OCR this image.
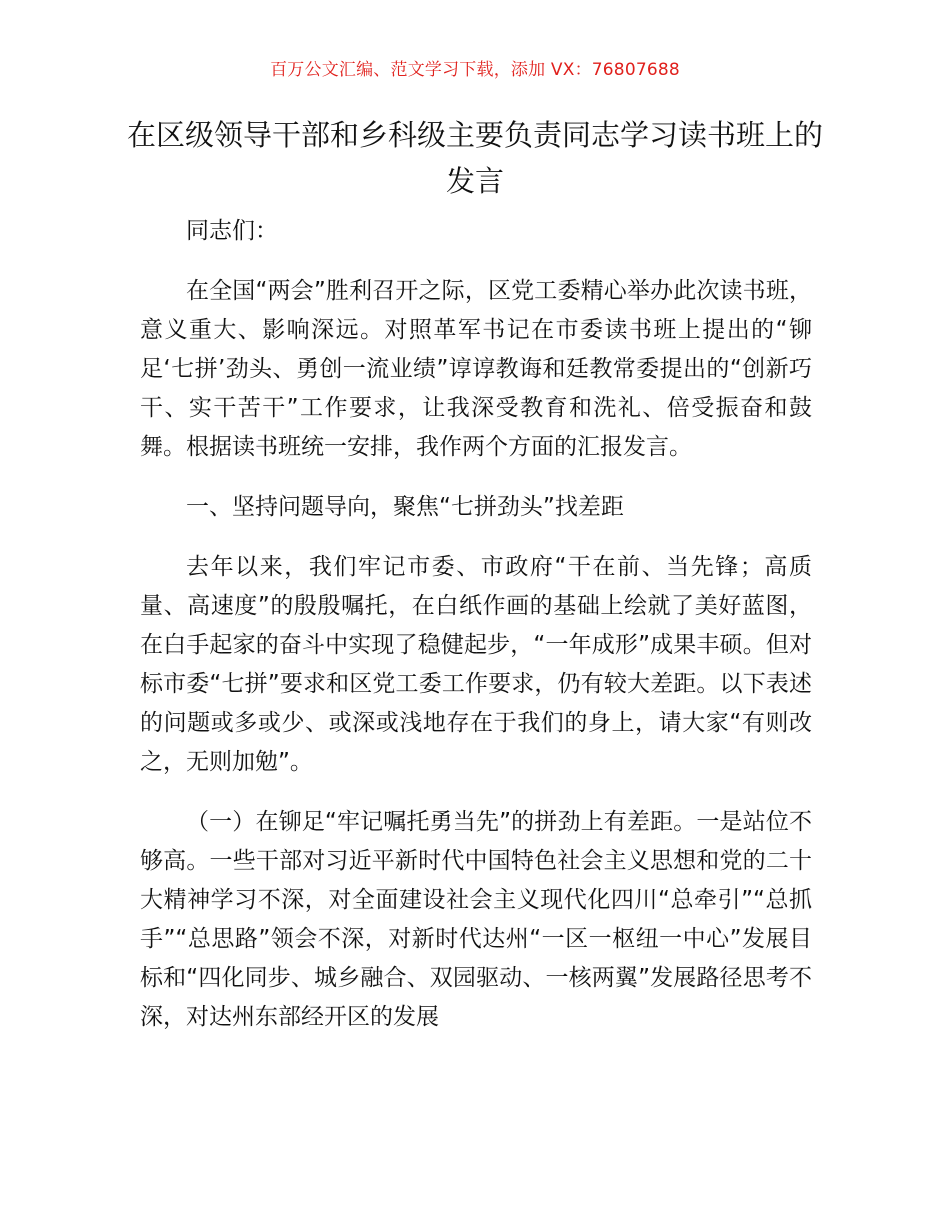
百万公文汇编、范文学习下载，添加 VX：76807688
在区级领导干部和乡科级主要负责同志学习读书班上的发言

同志们：

在全国“两会”胜利召开之际，区党工委精心举办此次读书班，意义重大、影响深远。对照革军书记在市委读书班上提出的“铆足‘七拼’劲头、勇创一流业绩”谆谆教诲和廷教常委提出的“创新巧干、实干苦干”工作要求，让我深受教育和洗礼、倍受振奋和鼓舞。根据读书班统一安排，我作两个方面的汇报发言。

一、坚持问题导向，聚焦“七拼劲头”找差距

去年以来，我们牢记市委、市政府“干在前、当先锋；高质量、高速度”的殷殷嘱托，在白纸作画的基础上绘就了美好蓝图，在白手起家的奋斗中实现了稳健起步，“一年成形”成果丰硕。但对标市委“七拼”要求和区党工委工作要求，仍有较大差距。以下表述的问题或多或少、或深或浅地存在于我们的身上，请大家“有则改之，无则加勉”。

（一）在铆足“牢记嘱托勇当先”的拼劲上有差距。一是站位不够高。一些干部对习近平新时代中国特色社会主义思想和党的二十大精神学习不深，对全面建设社会主义现代化四川“总牵引”“总抓手”“总思路”领会不深，对新时代达州“一区一枢纽一中心”发展目标和“四化同步、城乡融合、双园驱动、一核两翼”发展路径思考不深，对达州东部经开区的发展
